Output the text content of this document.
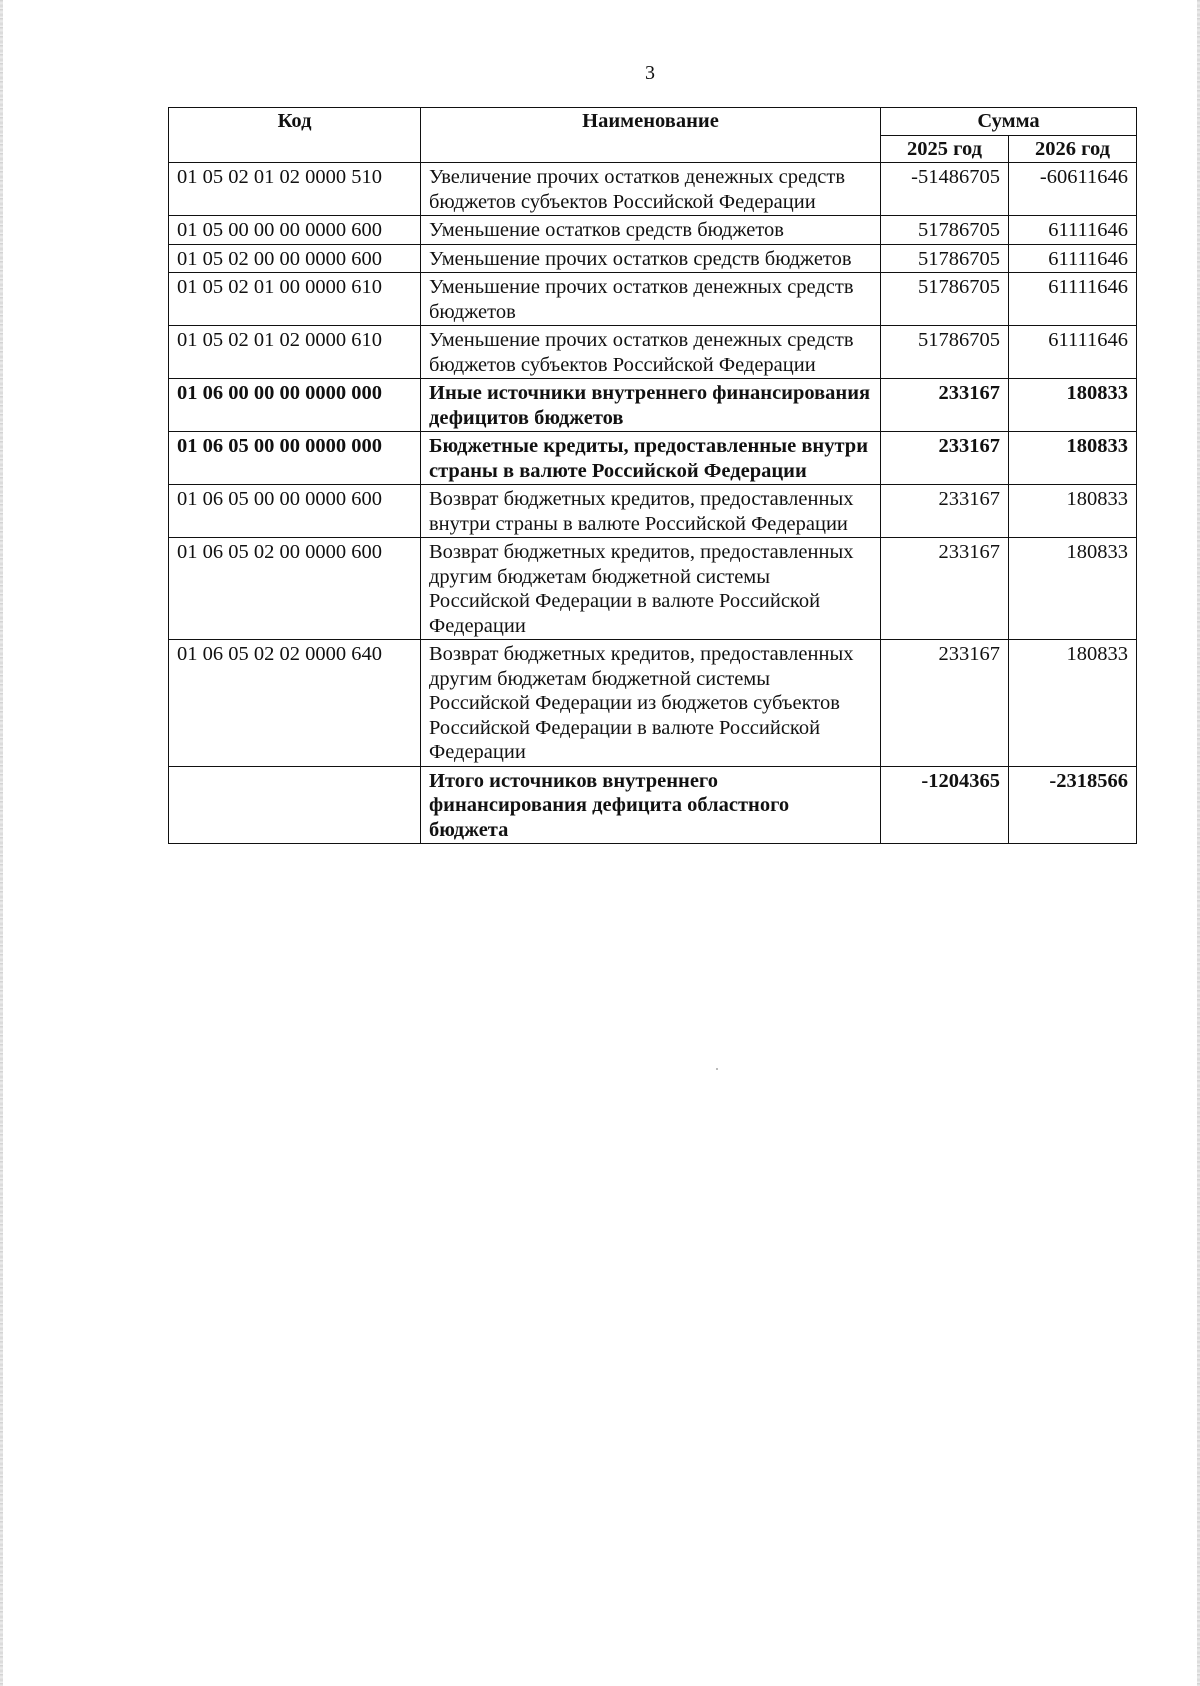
3
Код	Наименование	Сумма	
		2025 год	2026 год
01 05 02 01 02 0000 510	Увеличение прочих остатков денежных средств бюджетов субъектов Российской Федерации	-51486705	-60611646
01 05 00 00 00 0000 600	Уменьшение остатков средств бюджетов	51786705	61111646
01 05 02 00 00 0000 600	Уменьшение прочих остатков средств бюджетов	51786705	61111646
01 05 02 01 00 0000 610	Уменьшение прочих остатков денежных средств бюджетов	51786705	61111646
01 05 02 01 02 0000 610	Уменьшение прочих остатков денежных средств бюджетов субъектов Российской Федерации	51786705	61111646
01 06 00 00 00 0000 000	Иные источники внутреннего финансирования дефицитов бюджетов	233167	180833
01 06 05 00 00 0000 000	Бюджетные кредиты, предоставленные внутри страны в валюте Российской Федерации	233167	180833
01 06 05 00 00 0000 600	Возврат бюджетных кредитов, предоставленных внутри страны в валюте Российской Федерации	233167	180833
01 06 05 02 00 0000 600	Возврат бюджетных кредитов, предоставленных другим бюджетам бюджетной системы Российской Федерации в валюте Российской Федерации	233167	180833
01 06 05 02 02 0000 640	Возврат бюджетных кредитов, предоставленных другим бюджетам бюджетной системы Российской Федерации из бюджетов субъектов Российской Федерации в валюте Российской Федерации	233167	180833
	Итого источников внутреннего финансирования дефицита областного бюджета	-1204365	-2318566
